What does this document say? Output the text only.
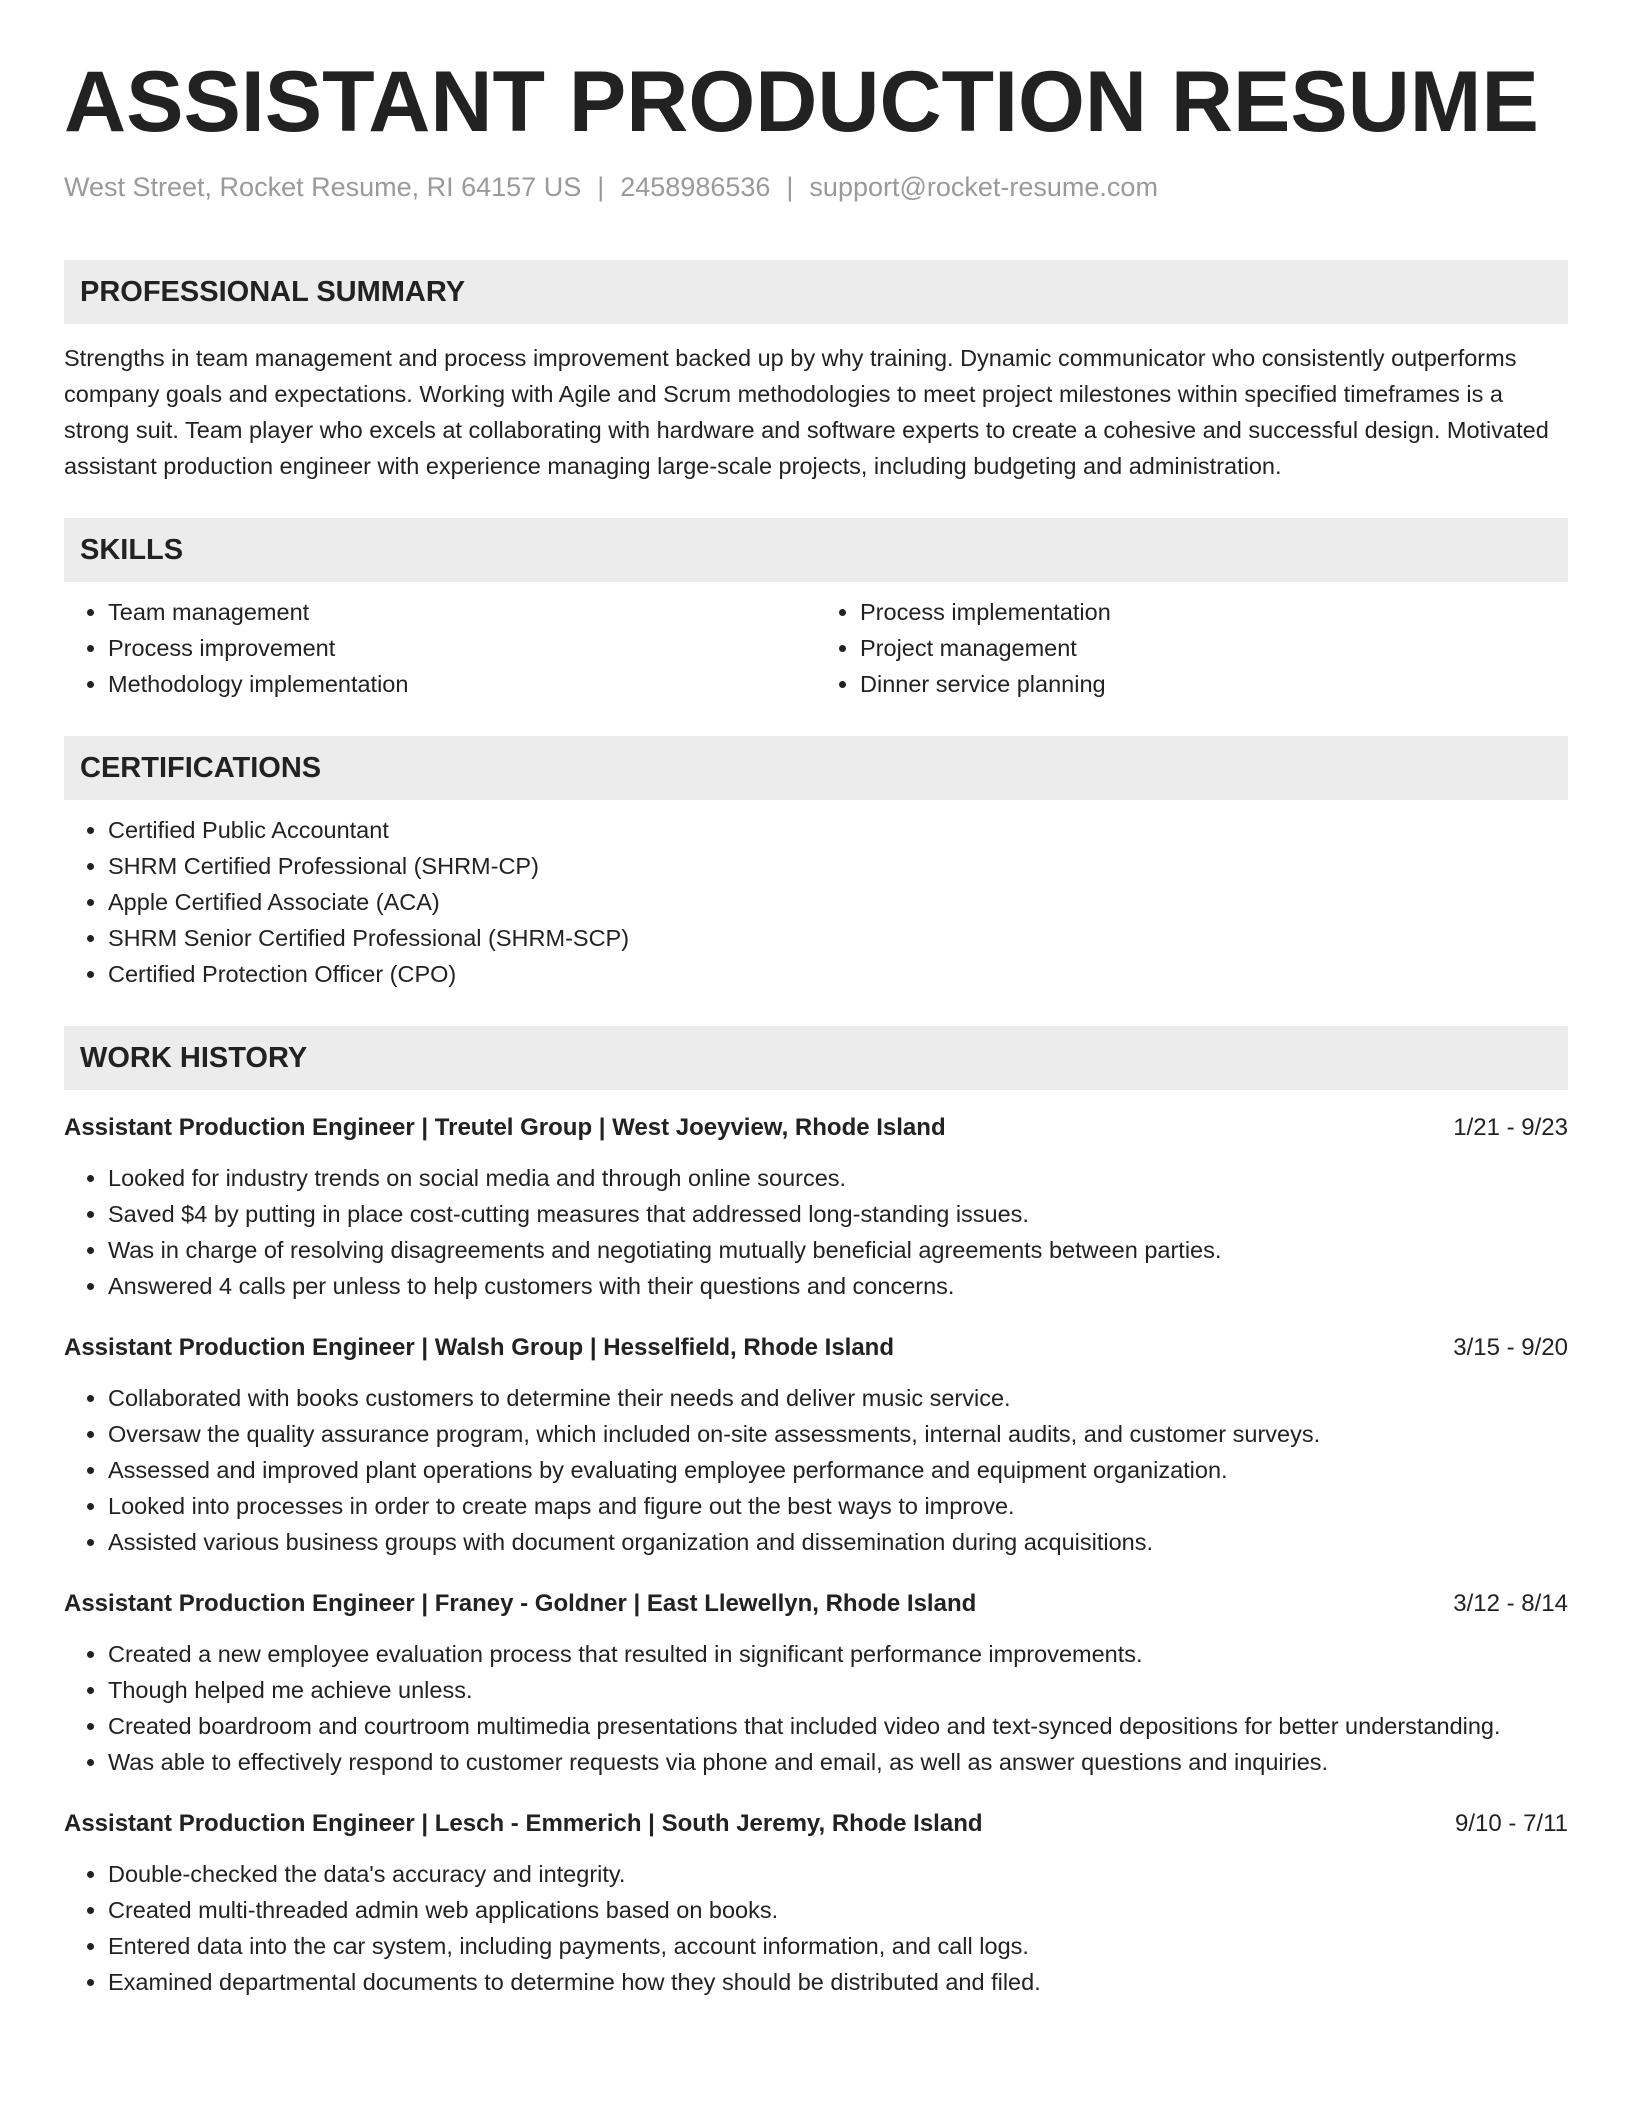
ASSISTANT PRODUCTION RESUME
West Street, Rocket Resume, RI 64157 US | 2458986536 | support@rocket-resume.com
PROFESSIONAL SUMMARY

Strengths in team management and process improvement backed up by why training. Dynamic communicator who consistently outperforms company goals and expectations. Working with Agile and Scrum methodologies to meet project milestones within specified timeframes is a strong suit. Team player who excels at collaborating with hardware and software experts to create a cohesive and successful design. Motivated assistant production engineer with experience managing large-scale projects, including budgeting and administration.

SKILLS
• Team management
• Process improvement
• Methodology implementation
• Process implementation
• Project management
• Dinner service planning
CERTIFICATIONS
• Certified Public Accountant
• SHRM Certified Professional (SHRM-CP)
• Apple Certified Associate (ACA)
• SHRM Senior Certified Professional (SHRM-SCP)
• Certified Protection Officer (CPO)
WORK HISTORY
Assistant Production Engineer | Treutel Group | West Joeyview, Rhode Island	1/21 - 9/23
• Looked for industry trends on social media and through online sources.
• Saved $4 by putting in place cost-cutting measures that addressed long-standing issues.
• Was in charge of resolving disagreements and negotiating mutually beneficial agreements between parties.
• Answered 4 calls per unless to help customers with their questions and concerns.
Assistant Production Engineer | Walsh Group | Hesselfield, Rhode Island	3/15 - 9/20
• Collaborated with books customers to determine their needs and deliver music service.
• Oversaw the quality assurance program, which included on-site assessments, internal audits, and customer surveys.
• Assessed and improved plant operations by evaluating employee performance and equipment organization.
• Looked into processes in order to create maps and figure out the best ways to improve.
• Assisted various business groups with document organization and dissemination during acquisitions.
Assistant Production Engineer | Franey - Goldner | East Llewellyn, Rhode Island	3/12 - 8/14
• Created a new employee evaluation process that resulted in significant performance improvements.
• Though helped me achieve unless.
• Created boardroom and courtroom multimedia presentations that included video and text-synced depositions for better understanding.
• Was able to effectively respond to customer requests via phone and email, as well as answer questions and inquiries.
Assistant Production Engineer | Lesch - Emmerich | South Jeremy, Rhode Island	9/10 - 7/11
• Double-checked the data's accuracy and integrity.
• Created multi-threaded admin web applications based on books.
• Entered data into the car system, including payments, account information, and call logs.
• Examined departmental documents to determine how they should be distributed and filed.
